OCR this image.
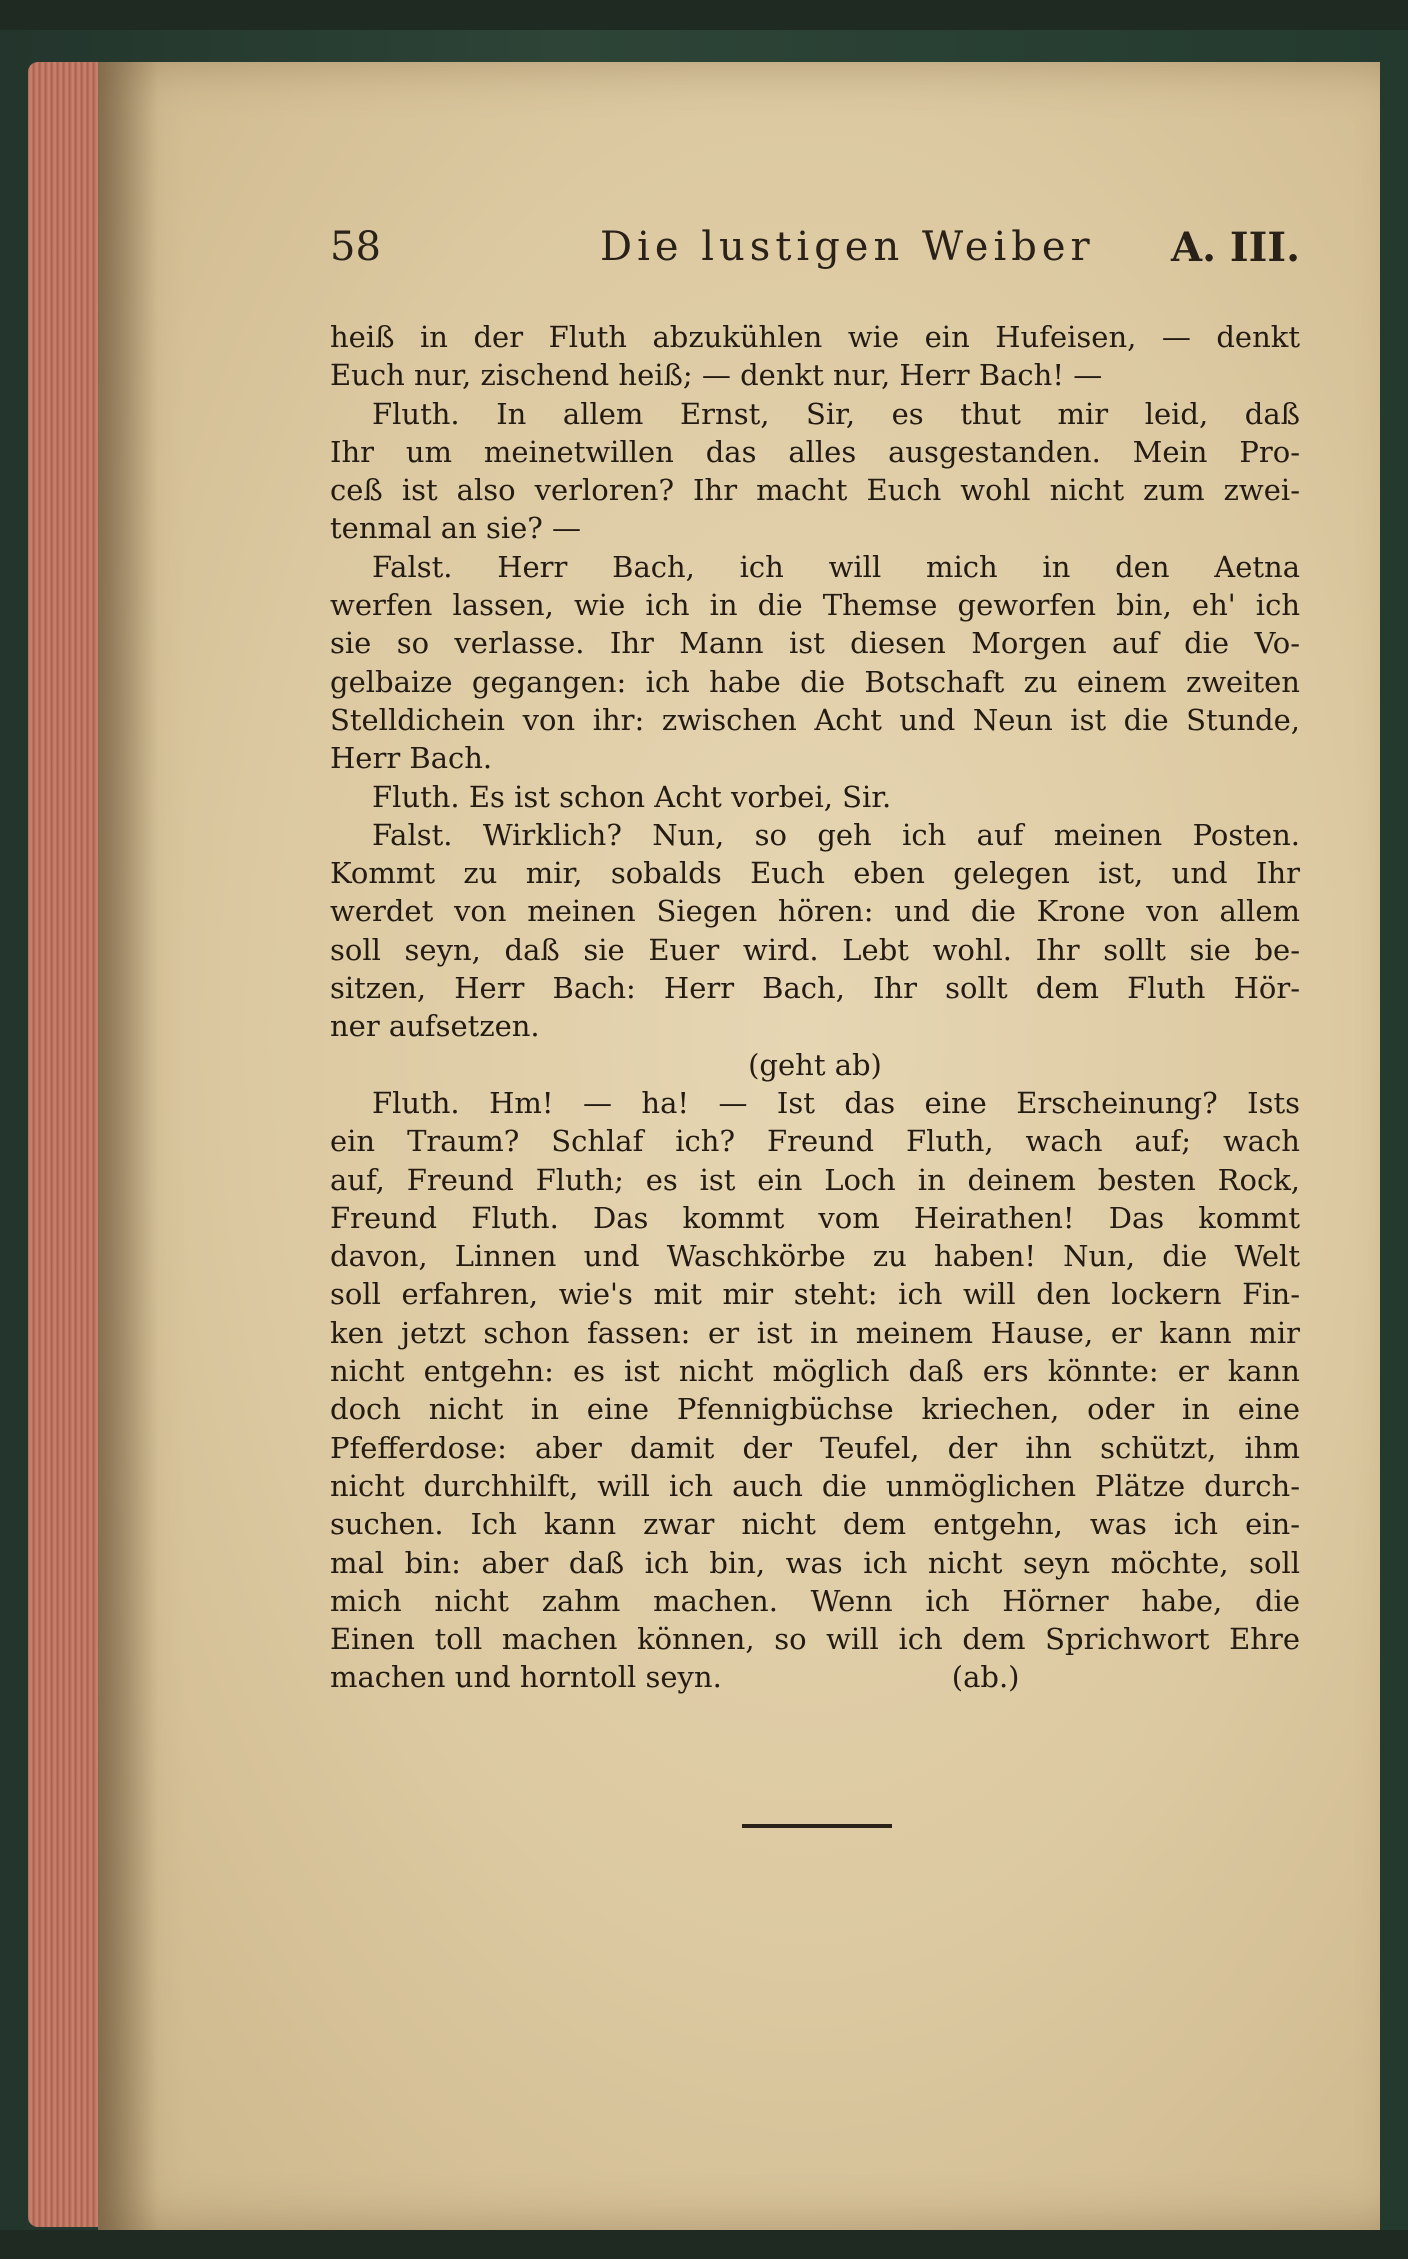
58	Die lustigen Weiber A. III.
heiß in der Fluth abzukühlen wie ein Hufeisen, — denkt
Euch nur, zischend heiß; — denkt nur, Herr Bach! —
Fluth. In allem Ernst, Sir, es thut mir leid, daß
Ihr um meinetwillen das alles ausgestanden. Mein Pro-
ceß ist also verloren? Ihr macht Euch wohl nicht zum zwei-
tenmal an sie? —
Falst. Herr Bach, ich will mich in den Aetna
werfen lassen, wie ich in die Themse geworfen bin, eh' ich
sie so verlasse. Ihr Mann ist diesen Morgen auf die Vo-
gelbaize gegangen: ich habe die Botschaft zu einem zweiten
Stelldichein von ihr: zwischen Acht und Neun ist die Stunde,
Herr Bach.
Fluth. Es ist schon Acht vorbei, Sir.
Falst. Wirklich? Nun, so geh ich auf meinen Posten.
Kommt zu mir, sobalds Euch eben gelegen ist, und Ihr
werdet von meinen Siegen hören: und die Krone von allem
soll seyn, daß sie Euer wird. Lebt wohl. Ihr sollt sie be-
sitzen, Herr Bach: Herr Bach, Ihr sollt dem Fluth Hör-
ner aufsetzen.
(geht ab)
Fluth. Hm! — ha! — Ist das eine Erscheinung? Ists
ein Traum? Schlaf ich? Freund Fluth, wach auf; wach
auf, Freund Fluth; es ist ein Loch in deinem besten Rock,
Freund Fluth. Das kommt vom Heirathen! Das kommt
davon, Linnen und Waschkörbe zu haben! Nun, die Welt
soll erfahren, wie's mit mir steht: ich will den lockern Fin-
ken jetzt schon fassen: er ist in meinem Hause, er kann mir
nicht entgehn: es ist nicht möglich daß ers könnte: er kann
doch nicht in eine Pfennigbüchse kriechen, oder in eine
Pfefferdose: aber damit der Teufel, der ihn schützt, ihm
nicht durchhilft, will ich auch die unmöglichen Plätze durch-
suchen. Ich kann zwar nicht dem entgehn, was ich ein-
mal bin: aber daß ich bin, was ich nicht seyn möchte, soll
mich nicht zahm machen. Wenn ich Hörner habe, die
Einen toll machen können, so will ich dem Sprichwort Ehre
machen und horntoll seyn.	(ab.)
